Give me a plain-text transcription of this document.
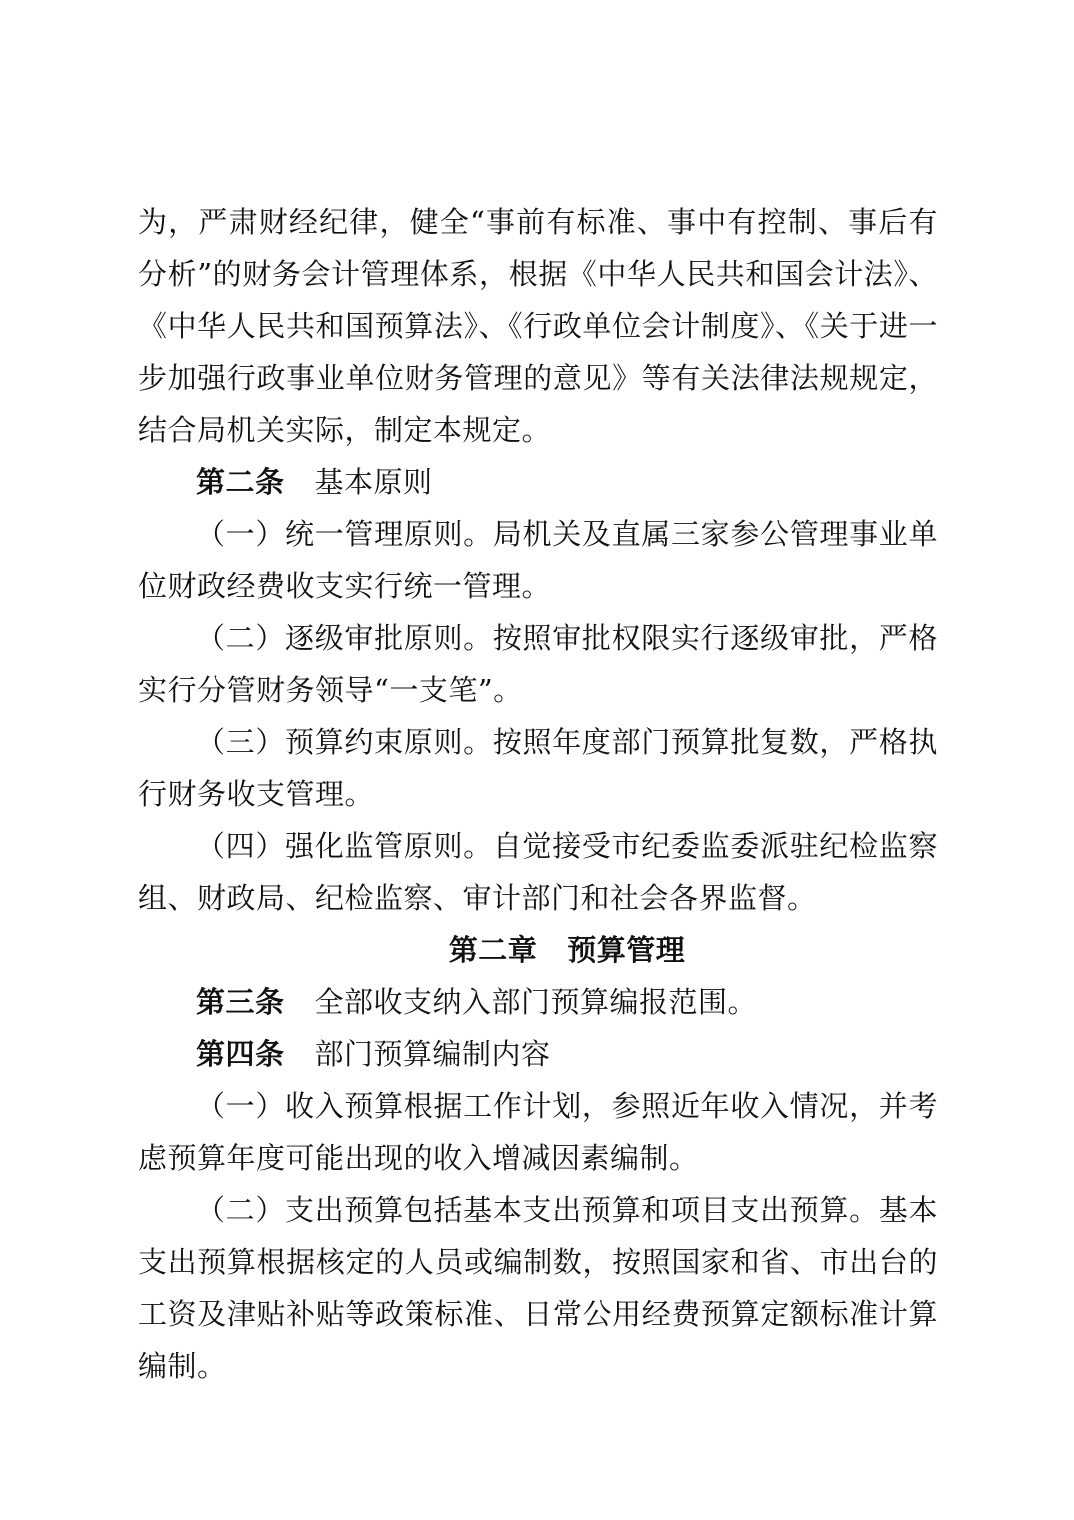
为，严肃财经纪律，健全“事前有标准、事中有控制、事后有分析”的财务会计管理体系，根据《中华人民共和国会计法》、《中华人民共和国预算法》、《行政单位会计制度》、《关于进一步加强行政事业单位财务管理的意见》等有关法律法规规定，结合局机关实际，制定本规定。

第二条 基本原则

（一）统一管理原则。局机关及直属三家参公管理事业单位财政经费收支实行统一管理。

（二）逐级审批原则。按照审批权限实行逐级审批，严格实行分管财务领导“一支笔”。

（三）预算约束原则。按照年度部门预算批复数，严格执行财务收支管理。

（四）强化监管原则。自觉接受市纪委监委派驻纪检监察组、财政局、纪检监察、审计部门和社会各界监督。

第二章 预算管理

第三条 全部收支纳入部门预算编报范围。

第四条 部门预算编制内容

（一）收入预算根据工作计划，参照近年收入情况，并考虑预算年度可能出现的收入增减因素编制。

（二）支出预算包括基本支出预算和项目支出预算。基本支出预算根据核定的人员或编制数，按照国家和省、市出台的工资及津贴补贴等政策标准、日常公用经费预算定额标准计算编制。
